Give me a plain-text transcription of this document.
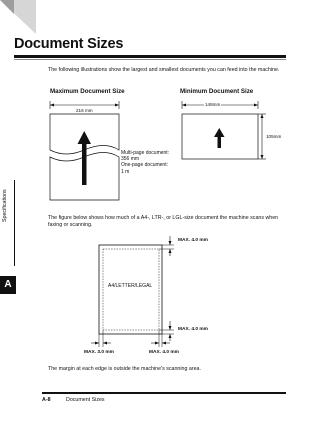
Document Sizes
The following illustrations show the largest and smallest documents you can feed into the machine.
Maximum Document Size	Minimum Document Size
216 mm
148mm
105mm
Multi-page document:
356 mm
One-page document:
1 m
The figure below shows how much of a A4-, LTR-, or LGL-size document the machine scans when
faxing or scanning.
A4/LETTER/LEGAL
MAX. 4.0 mm
MAX. 4.0 mm
MAX. 3.0 mm	MAX. 4.0 mm
The margin at each edge is outside the machine's scanning area.
Specifications
A
A-8	Document Sizes
